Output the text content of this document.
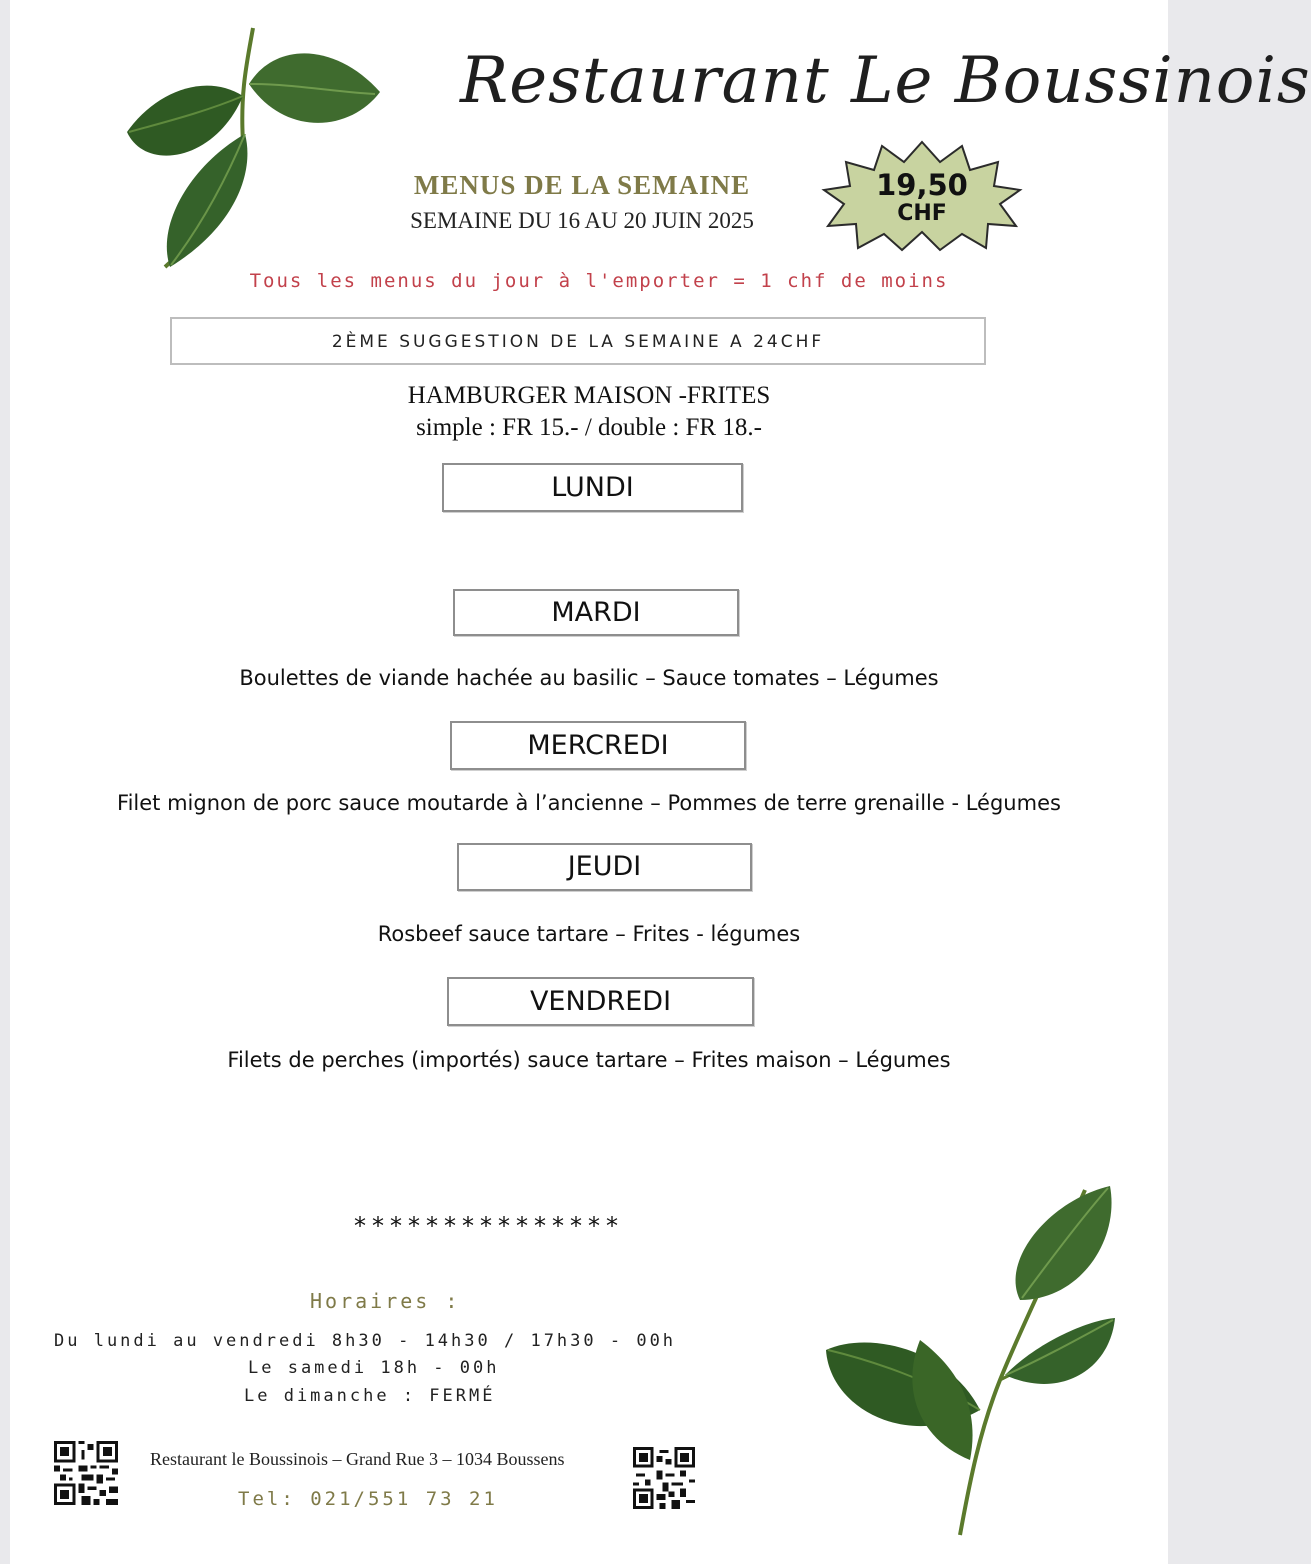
Restaurant Le Boussinois
MENUS DE LA SEMAINE
SEMAINE DU 16 AU 20 JUIN 2025
19,50
CHF
Tous les menus du jour à l'emporter = 1 chf de moins
2ÈME SUGGESTION DE LA SEMAINE A 24CHF
HAMBURGER MAISON -FRITES
simple : FR 15.- / double : FR 18.-
LUNDI
MARDI
Boulettes de viande hachée au basilic – Sauce tomates – Légumes
MERCREDI
Filet mignon de porc sauce moutarde à l’ancienne – Pommes de terre grenaille - Légumes
JEUDI
Rosbeef sauce tartare – Frites - légumes
VENDREDI
Filets de perches (importés) sauce tartare – Frites maison – Légumes
***************
Horaires :
Du lundi au vendredi 8h30 - 14h30 / 17h30 - 00h
Le samedi 18h - 00h
Le dimanche : FERMÉ
Restaurant le Boussinois – Grand Rue 3 – 1034 Boussens
Tel: 021/551 73 21
